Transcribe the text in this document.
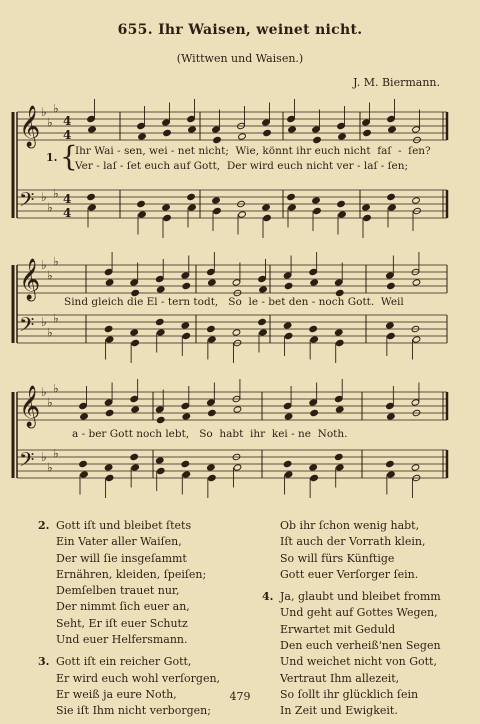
655. Ihr Waisen, weinet nicht.
(Wittwen und Waisen.)
J. M. Biermann.
𝄞
𝄢
♭
♭
♭
♭
♭
♭
4
4
4
4
𝄞
𝄢
♭
♭
♭
♭
♭
♭
𝄞
𝄢
♭
♭
♭
♭
♭
♭
1. {
Ihr Wai - sen, wei - net nicht;  Wie, könnt ihr euch nicht  faſ  -  ſen?
Ver - laſ - ſet euch auf Gott,  Der wird euch nicht ver - laſ - ſen;
Sind gleich die El - tern todt,   So  le - bet den - noch Gott.  Weil
a - ber Gott noch lebt,   So  habt  ihr  kei - ne  Noth.
2. Gott iſt und bleibet ſtets
Ein Vater aller Waiſen,
Der will ſie insgeſammt
Ernähren, kleiden, ſpeiſen;
Demſelben trauet nur,
Der nimmt ſich euer an,
Seht, Er iſt euer Schutz
Und euer Helfersmann.
3. Gott iſt ein reicher Gott,
Er wird euch wohl verſorgen,
Er weiß ja eure Noth,
Sie iſt Ihm nicht verborgen;
Ob ihr ſchon wenig habt,
Iſt auch der Vorrath klein,
So will fürs Künftige
Gott euer Verſorger ſein.
4. Ja, glaubt und bleibet fromm
Und geht auf Gottes Wegen,
Erwartet mit Geduld
Den euch verheiß'nen Segen
Und weichet nicht von Gott,
Vertraut Ihm allezeit,
So ſollt ihr glücklich ſein
In Zeit und Ewigkeit.
479
